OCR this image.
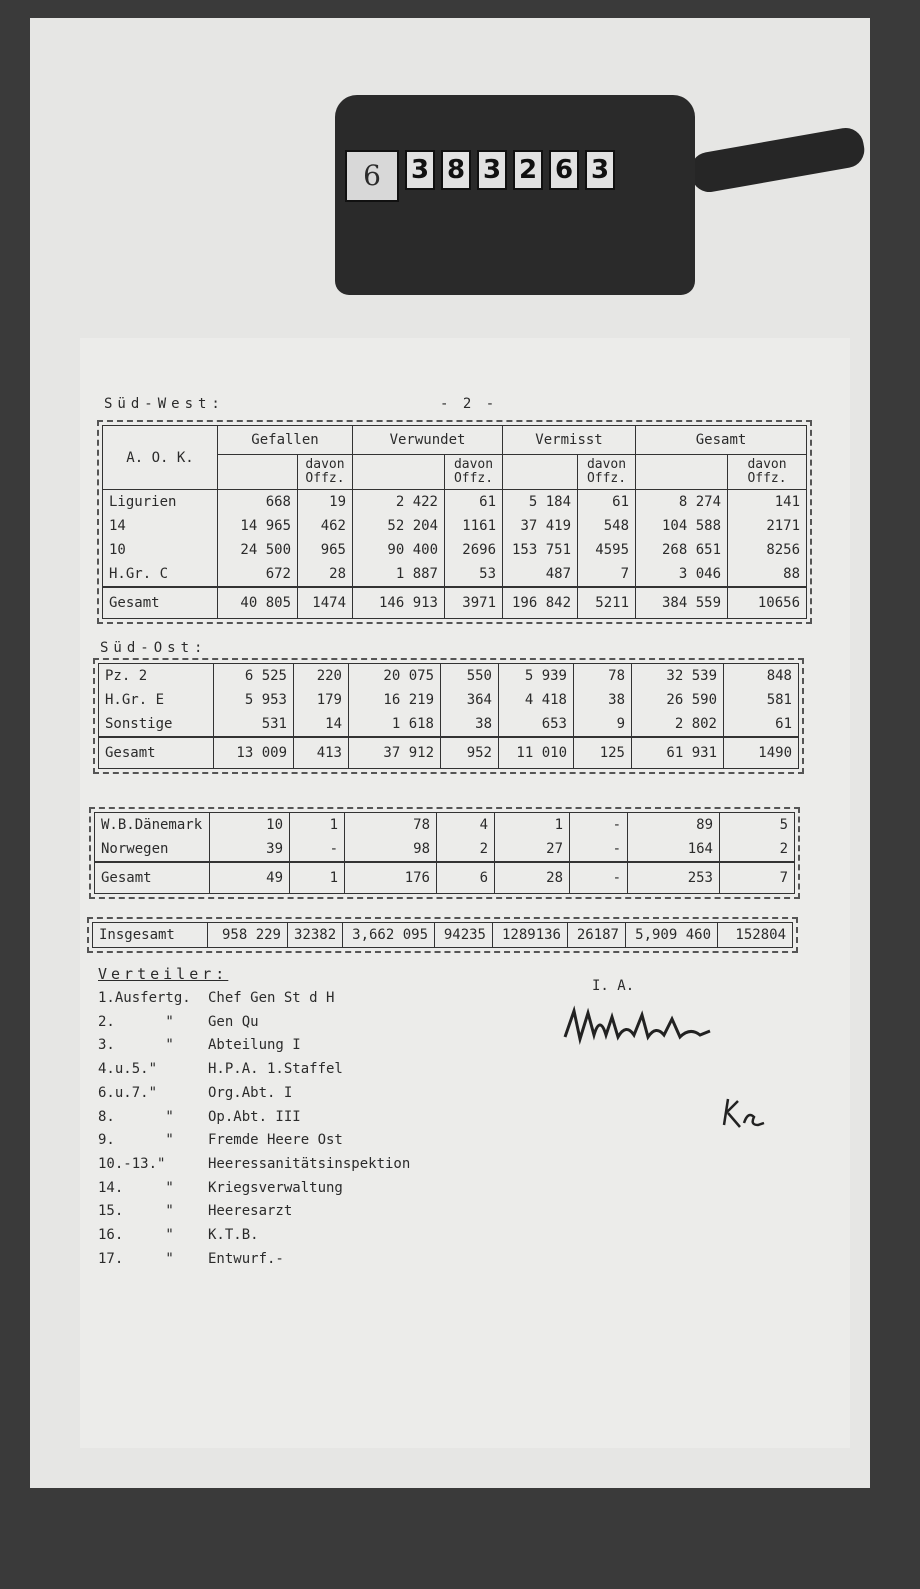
6	3 8 3 2 6 3
Süd-West:	- 2 -
A. O. K.	Gefallen		Verwundet		Vermisst		Gesamt	
		davon Offz.		davon Offz.		davon Offz.		davon Offz.
Ligurien	668	19	2 422	61	5 184	61	8 274	141
14	14 965	462	52 204	1161	37 419	548	104 588	2171
10	24 500	965	90 400	2696	153 751	4595	268 651	8256
H.Gr. C	672	28	1 887	53	487	7	3 046	88
Gesamt	40 805	1474	146 913	3971	196 842	5211	384 559	10656
Süd-Ost:
Pz. 2	6 525	220	20 075	550	5 939	78	32 539	848
H.Gr. E	5 953	179	16 219	364	4 418	38	26 590	581
Sonstige	531	14	1 618	38	653	9	2 802	61
Gesamt	13 009	413	37 912	952	11 010	125	61 931	1490
W.B.Dänemark	10	1	78	4	1	-	89	5
Norwegen	39	-	98	2	27	-	164	2
Gesamt	49	1	176	6	28	-	253	7
Insgesamt	958 229	32382	3,662 095	94235	1289136	26187	5,909 460	152804
Verteiler:
1.Ausfertg.	Chef Gen St d H
2.      "	Gen Qu
3.      "	Abteilung I
4.u.5."	H.P.A. 1.Staffel
6.u.7."	Org.Abt. I
8.      "	Op.Abt. III
9.      "	Fremde Heere Ost
10.-13."	Heeressanitätsinspektion
14.     "	Kriegsverwaltung
15.     "	Heeresarzt
16.     "	K.T.B.
17.     "	Entwurf.-
I. A.
